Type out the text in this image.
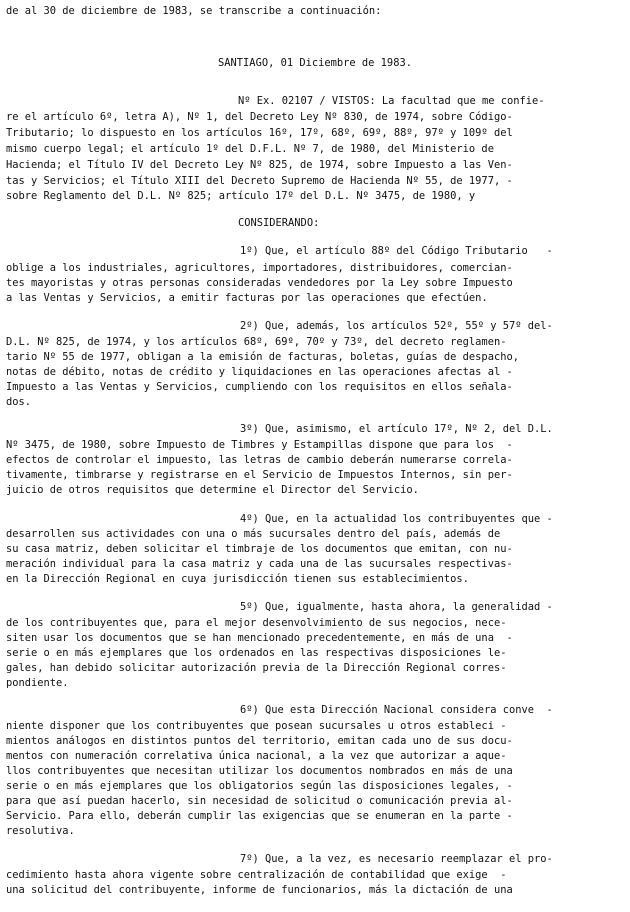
de al 30 de diciembre de 1983, se transcribe a continuación:
SANTIAGO, 01 Diciembre de 1983.
Nº Ex. 02107 / VISTOS: La facultad que me confie-
re el artículo 6º, letra A), Nº 1, del Decreto Ley Nº 830, de 1974, sobre Código-
Tributario; lo dispuesto en los artículos 16º, 17º, 68º, 69º, 88º, 97º y 109º del
mismo cuerpo legal; el artículo 1º del D.F.L. Nº 7, de 1980, del Ministerio de
Hacienda; el Título IV del Decreto Ley Nº 825, de 1974, sobre Impuesto a las Ven-
tas y Servicios; el Título XIII del Decreto Supremo de Hacienda Nº 55, de 1977, -
sobre Reglamento del D.L. Nº 825; artículo 17º del D.L. Nº 3475, de 1980, y
CONSIDERANDO:
1º) Que, el artículo 88º del Código Tributario   -
oblige a los industriales, agricultores, importadores, distribuidores, comercian-
tes mayoristas y otras personas consideradas vendedores por la Ley sobre Impuesto
a las Ventas y Servicios, a emitir facturas por las operaciones que efectúen.
2º) Que, además, los artículos 52º, 55º y 57º del-
D.L. Nº 825, de 1974, y los artículos 68º, 69º, 70º y 73º, del decreto reglamen-
tario Nº 55 de 1977, obligan a la emisión de facturas, boletas, guías de despacho,
notas de débito, notas de crédito y liquidaciones en las operaciones afectas al -
Impuesto a las Ventas y Servicios, cumpliendo con los requisitos en ellos señala-
dos.
3º) Que, asimismo, el artículo 17º, Nº 2, del D.L.
Nº 3475, de 1980, sobre Impuesto de Timbres y Estampillas dispone que para los  -
efectos de controlar el impuesto, las letras de cambio deberán numerarse correla-
tivamente, timbrarse y registrarse en el Servicio de Impuestos Internos, sin per-
juicio de otros requisitos que determine el Director del Servicio.
4º) Que, en la actualidad los contribuyentes que -
desarrollen sus actividades con una o más sucursales dentro del país, además de
su casa matriz, deben solicitar el timbraje de los documentos que emitan, con nu-
meración individual para la casa matriz y cada una de las sucursales respectivas-
en la Dirección Regional en cuya jurisdicción tienen sus establecimientos.
5º) Que, igualmente, hasta ahora, la generalidad -
de los contribuyentes que, para el mejor desenvolvimiento de sus negocios, nece-
siten usar los documentos que se han mencionado precedentemente, en más de una  -
serie o en más ejemplares que los ordenados en las respectivas disposiciones le-
gales, han debido solicitar autorización previa de la Dirección Regional corres-
pondiente.
6º) Que esta Dirección Nacional considera conve  -
niente disponer que los contribuyentes que posean sucursales u otros estableci -
mientos análogos en distintos puntos del territorio, emitan cada uno de sus docu-
mentos con numeración correlativa única nacional, a la vez que autorizar a aque-
llos contribuyentes que necesitan utilizar los documentos nombrados en más de una
serie o en más ejemplares que los obligatorios según las disposiciones legales, -
para que así puedan hacerlo, sin necesidad de solicitud o comunicación previa al-
Servicio. Para ello, deberán cumplir las exigencias que se enumeran en la parte -
resolutiva.
7º) Que, a la vez, es necesario reemplazar el pro-
cedimiento hasta ahora vigente sobre centralización de contabilidad que exige  -
una solicitud del contribuyente, informe de funcionarios, más la dictación de una
